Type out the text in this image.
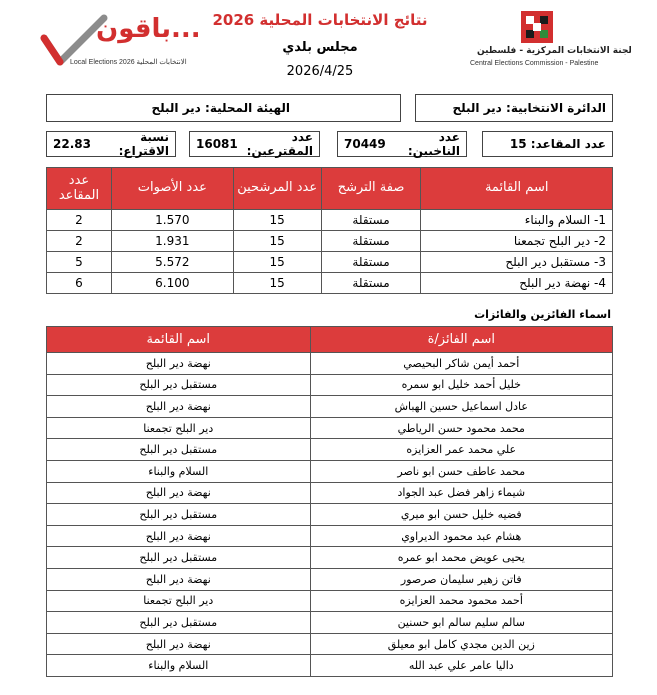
باقون...
Local Elections 2026 الانتخابات المحلية
نتائج الانتخابات المحلية 2026
مجلس بلدي
2026/4/25
لجنة الانتخابات المركزية - فلسطين
Central Elections Commission - Palestine
الدائرة الانتخابية:

دير البلح
الهيئة المحلية:

دير البلح
عدد المقاعد:

15
عدد الناخبين:

70449
عدد المقترعين:

16081
نسبة الاقتراع:

22.83
اسم القائمة	صفة الترشح	عدد المرشحين	عدد الأصوات	عدد المقاعد
1- السلام والبناء	مستقلة	15	1.570	2
2- دير البلح تجمعنا	مستقلة	15	1.931	2
3- مستقبل دير البلح	مستقلة	15	5.572	5
4- نهضة دير البلح	مستقلة	15	6.100	6
اسماء الفائزين والفائزات
اسم الفائز/ة	اسم القائمة
أحمد أيمن شاكر البحيصي	نهضة دير البلح
خليل أحمد خليل ابو سمره	مستقبل دير البلح
عادل اسماعيل حسين الهباش	نهضة دير البلح
محمد محمود حسن الرياطي	دير البلح تجمعنا
علي محمد عمر العزايزه	مستقبل دير البلح
محمد عاطف حسن ابو ناصر	السلام والبناء
شيماء زاهر فضل عبد الجواد	نهضة دير البلح
فضيه خليل حسن ابو ميري	مستقبل دير البلح
هشام عبد محمود الديراوي	نهضة دير البلح
يحيى عويض محمد ابو عمره	مستقبل دير البلح
فاتن زهير سليمان صرصور	نهضة دير البلح
أحمد محمود محمد العزايزه	دير البلح تجمعنا
سالم سليم سالم ابو حسنين	مستقبل دير البلح
زين الدين مجدي كامل ابو معيلق	نهضة دير البلح
داليا عامر علي عبد الله	السلام والبناء
